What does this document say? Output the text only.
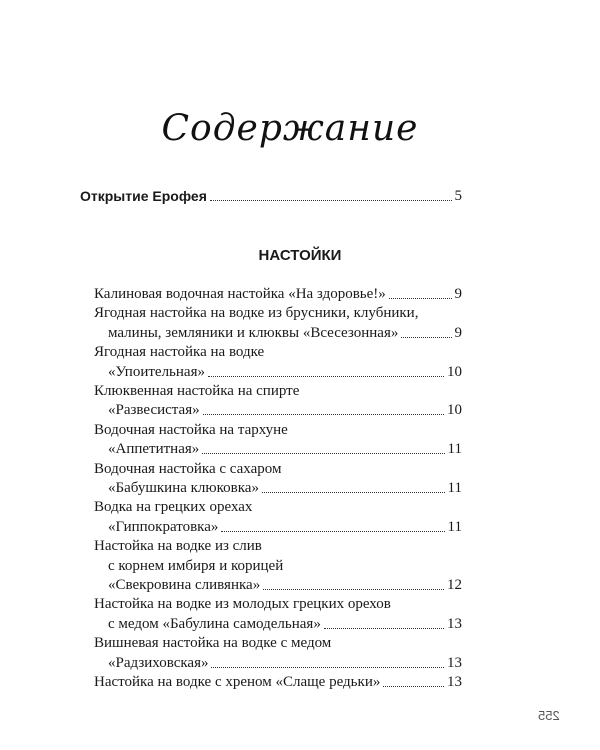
Содержание
Открытие Ерофея	5
НАСТОЙКИ
Калиновая водочная настойка «На здоровье!»	9
Ягодная настойка на водке из брусники, клубники,
малины, земляники и клюквы «Всесезонная»	9
Ягодная настойка на водке
«Упоительная»	10
Клюквенная настойка на спирте
«Развесистая»	10
Водочная настойка на тархуне
«Аппетитная»	11
Водочная настойка с сахаром
«Бабушкина клюковка»	11
Водка на грецких орехах
«Гиппократовка»	11
Настойка на водке из слив
с корнем имбиря и корицей
«Свекровина сливянка»	12
Настойка на водке из молодых грецких орехов
с медом «Бабулина самодельная»	13
Вишневая настойка на водке с медом
«Радзиховская»	13
Настойка на водке с хреном «Слаще редьки»	13
255
